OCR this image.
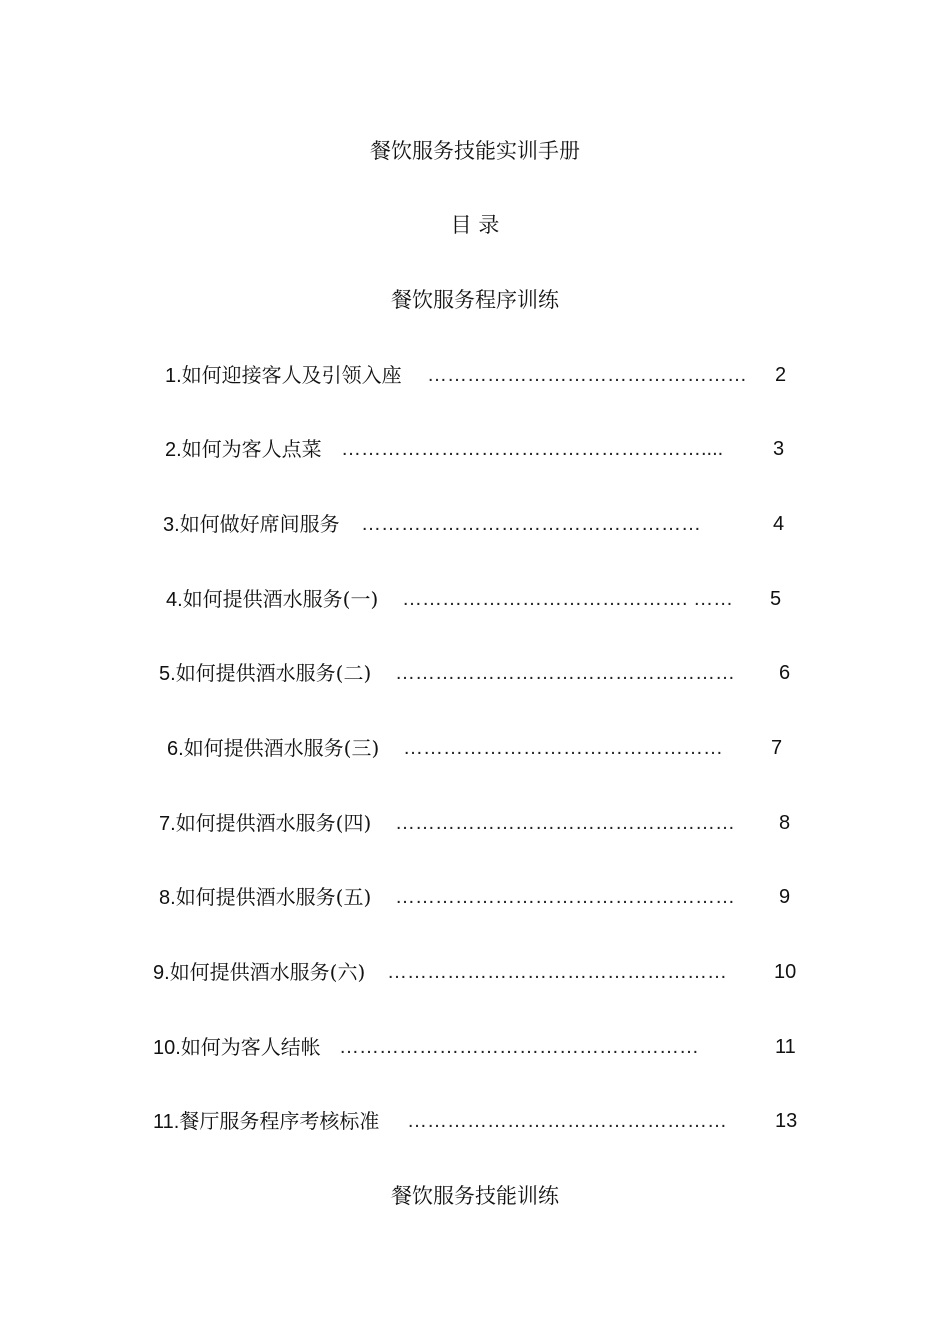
餐饮服务技能实训手册
目 录
餐饮服务程序训练
1.如何迎接客人及引领入座 …………………………………………	2
2.如何为客人点菜 ………………………………………………....	3
3.如何做好席间服务 ……………………………………………	4
4.如何提供酒水服务(一) ……………………………………. ……	5
5.如何提供酒水服务(二) ……………………………………………	6
6.如何提供酒水服务(三) …………………………………………	7
7.如何提供酒水服务(四) ……………………………………………	8
8.如何提供酒水服务(五) ……………………………………………	9
9.如何提供酒水服务(六) ……………………………………………	10
10.如何为客人结帐 ………………………………………………	11
11.餐厅服务程序考核标准 …………………………………………	13
餐饮服务技能训练
